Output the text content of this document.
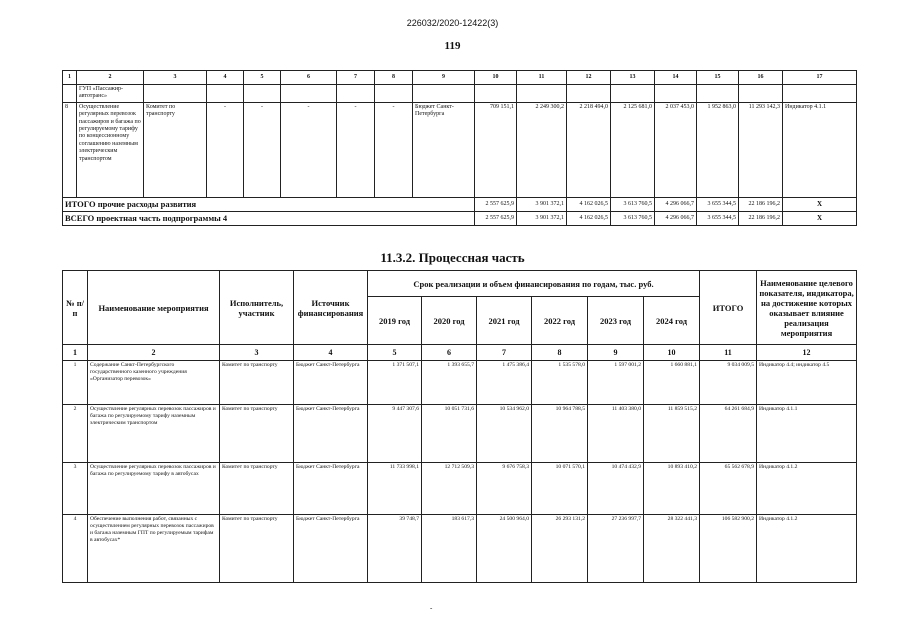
226032/2020-12422(3)
119
1	2	3	4	5	6	7	8	9	10	11	12	13	14	15	16	17
	ГУП «Пассажир-автотранс»															
8	Осуществление регулярных перевозок пассажиров и багажа по регулируемому тарифу по концессионному соглашению наземным электрическим транспортом	Комитет по транспорту	-	-	-	-	-	Бюджет Санкт-Петербурга	709 151,1	2 249 300,2	2 218 494,0	2 125 681,0	2 037 453,0	1 952 863,0	11 293 142,3	Индикатор 4.1.1
ИТОГО прочие расходы развития									2 557 625,9	3 901 372,1	4 162 026,5	3 613 760,5	4 296 066,7	3 655 344,5	22 186 196,2	Х
ВСЕГО проектная часть подпрограммы 4									2 557 625,9	3 901 372,1	4 162 026,5	3 613 760,5	4 296 066,7	3 655 344,5	22 186 196,2	Х
11.3.2. Процессная часть
№ п/п	Наименование мероприятия	Исполнитель, участник	Источник финансирования	Срок реализации и объем финансирования по годам, тыс. руб.						ИТОГО	Наименование целевого показателя, индикатора, на достижение которых оказывает влияние реализация мероприятия
				2019 год	2020 год	2021 год	2022 год	2023 год	2024 год		
1	2	3	4	5	6	7	8	9	10	11	12
1	Содержание Санкт-Петербургского государственного казенного учреждения «Организатор перевозок»	Комитет по транспорту	Бюджет Санкт-Петербурга	1 371 507,1	1 393 655,7	1 475 386,4	1 535 578,0	1 597 001,2	1 660 881,1	9 034 009,5	Индикатор 4.4; индикатор 4.5
2	Осуществление регулярных перевозок пассажиров и багажа по регулируемому тарифу наземным электрическим транспортом	Комитет по транспорту	Бюджет Санкт-Петербурга	9 447 307,6	10 051 731,6	10 534 962,0	10 964 788,5	11 403 380,0	11 859 515,2	64 261 684,9	Индикатор 4.1.1
3	Осуществление регулярных перевозок пассажиров и багажа по регулируемому тарифу в автобусах	Комитет по транспорту	Бюджет Санкт-Петербурга	11 733 998,1	12 712 509,3	9 676 758,3	10 071 570,1	10 474 432,9	10 893 410,2	65 562 678,9	Индикатор 4.1.2
4	Обеспечение выполнения работ, связанных с осуществлением регулярных перевозок пассажиров и багажа наземным ГПТ по регулируемым тарифам в автобусах*	Комитет по транспорту	Бюджет Санкт-Петербурга	39 748,7	183 617,3	24 500 964,0	26 293 131,2	27 236 997,7	28 322 441,3	106 582 900,2	Индикатор 4.1.2
-
